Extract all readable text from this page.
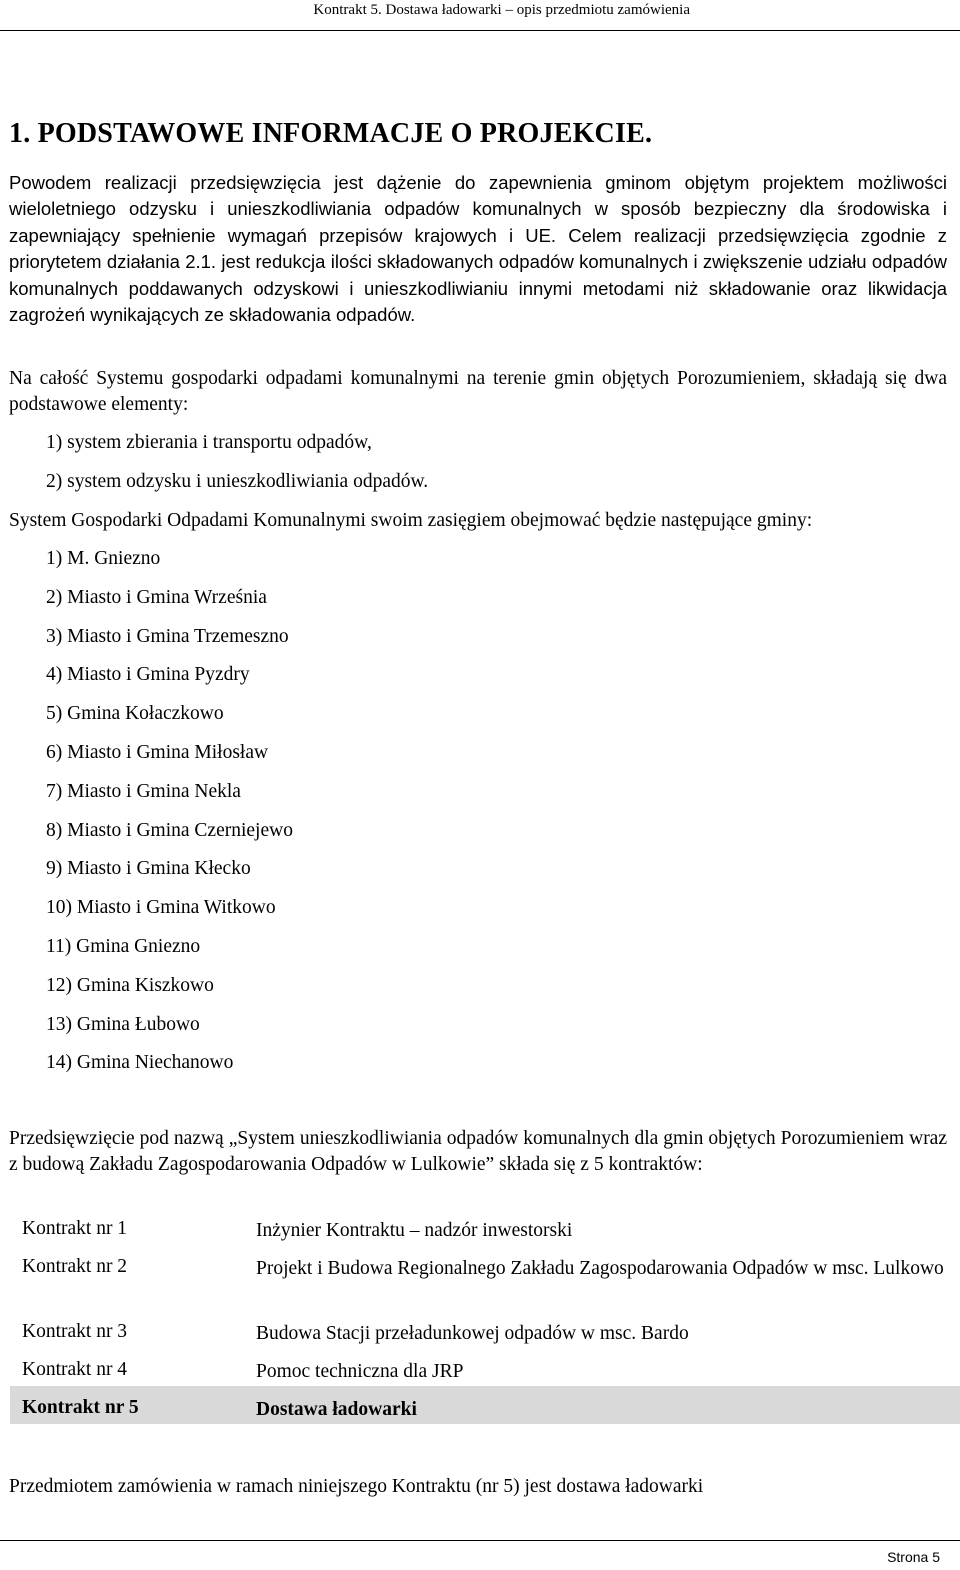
Kontrakt 5. Dostawa ładowarki – opis przedmiotu zamówienia
1. PODSTAWOWE INFORMACJE O PROJEKCIE.

Powodem realizacji przedsięwzięcia jest dążenie do zapewnienia gminom objętym projektem możliwości wieloletniego odzysku i unieszkodliwiania odpadów komunalnych w sposób bezpieczny dla środowiska i zapewniający spełnienie wymagań przepisów krajowych i UE. Celem realizacji przedsięwzięcia zgodnie z priorytetem działania 2.1. jest redukcja ilości składowanych odpadów komunalnych i zwiększenie udziału odpadów komunalnych poddawanych odzyskowi i unieszkodliwianiu innymi metodami niż składowanie oraz likwidacja zagrożeń wynikających ze składowania odpadów.

Na całość Systemu gospodarki odpadami komunalnymi na terenie gmin objętych Porozumieniem, składają się dwa podstawowe elementy:

1) system zbierania i transportu odpadów,
2) system odzysku i unieszkodliwiania odpadów.

System Gospodarki Odpadami Komunalnymi swoim zasięgiem obejmować będzie następujące gminy:

1) M. Gniezno
2) Miasto i Gmina Września
3) Miasto i Gmina Trzemeszno
4) Miasto i Gmina Pyzdry
5) Gmina Kołaczkowo
6) Miasto i Gmina Miłosław
7) Miasto i Gmina Nekla
8) Miasto i Gmina Czerniejewo
9) Miasto i Gmina Kłecko
10) Miasto i Gmina Witkowo
11) Gmina Gniezno
12) Gmina Kiszkowo
13) Gmina Łubowo
14) Gmina Niechanowo

Przedsięwzięcie pod nazwą „System unieszkodliwiania odpadów komunalnych dla gmin objętych Porozumieniem wraz z budową Zakładu Zagospodarowania Odpadów w Lulkowie” składa się z 5 kontraktów:

Kontrakt nr 1	Inżynier Kontraktu – nadzór inwestorski
Kontrakt nr 2	Projekt i Budowa Regionalnego Zakładu Zagospodarowania Odpadów w msc. Lulkowo
Kontrakt nr 3	Budowa Stacji przeładunkowej odpadów w msc. Bardo
Kontrakt nr 4	Pomoc techniczna dla JRP
Kontrakt nr 5	Dostawa ładowarki

Przedmiotem zamówienia w ramach niniejszego Kontraktu (nr 5) jest dostawa ładowarki

Strona 5
